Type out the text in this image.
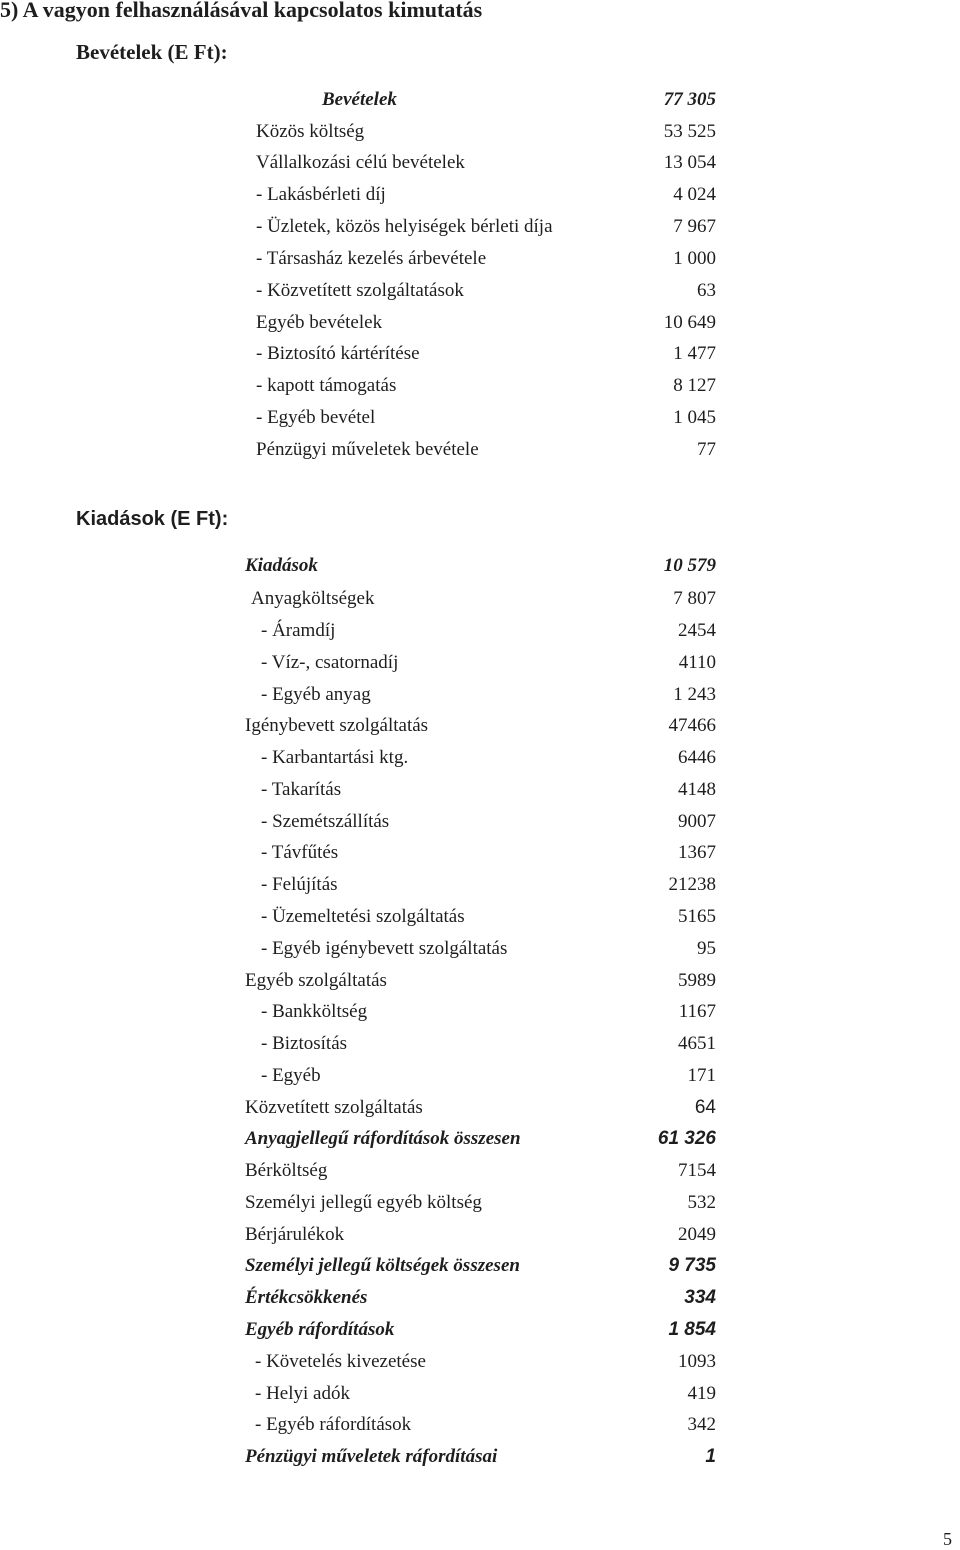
5) A vagyon felhasználásával kapcsolatos kimutatás
Bevételek (E Ft):
Bevételek	77 305
Közös költség	53 525
Vállalkozási célú bevételek	13 054
- Lakásbérleti díj	4 024
- Üzletek, közös helyiségek bérleti díja	7 967
- Társasház kezelés árbevétele	1 000
- Közvetített szolgáltatások	63
Egyéb bevételek	10 649
- Biztosító kártérítése	1 477
- kapott támogatás	8 127
- Egyéb bevétel	1 045
Pénzügyi műveletek bevétele	77
Kiadások (E Ft):
Kiadások	10 579
Anyagköltségek	7 807
- Áramdíj	2454
- Víz-, csatornadíj	4110
- Egyéb anyag	1 243
Igénybevett szolgáltatás	47466
- Karbantartási ktg.	6446
- Takarítás	4148
- Szemétszállítás	9007
- Távfűtés	1367
- Felújítás	21238
- Üzemeltetési szolgáltatás	5165
- Egyéb igénybevett szolgáltatás	95
Egyéb szolgáltatás	5989
- Bankköltség	1167
- Biztosítás	4651
- Egyéb	171
Közvetített szolgáltatás	64
Anyagjellegű ráfordítások összesen	61 326
Bérköltség	7154
Személyi jellegű egyéb költség	532
Bérjárulékok	2049
Személyi jellegű költségek összesen	9 735
Értékcsökkenés	334
Egyéb ráfordítások	1 854
- Követelés kivezetése	1093
- Helyi adók	419
- Egyéb ráfordítások	342
Pénzügyi műveletek ráfordításai	1
5
